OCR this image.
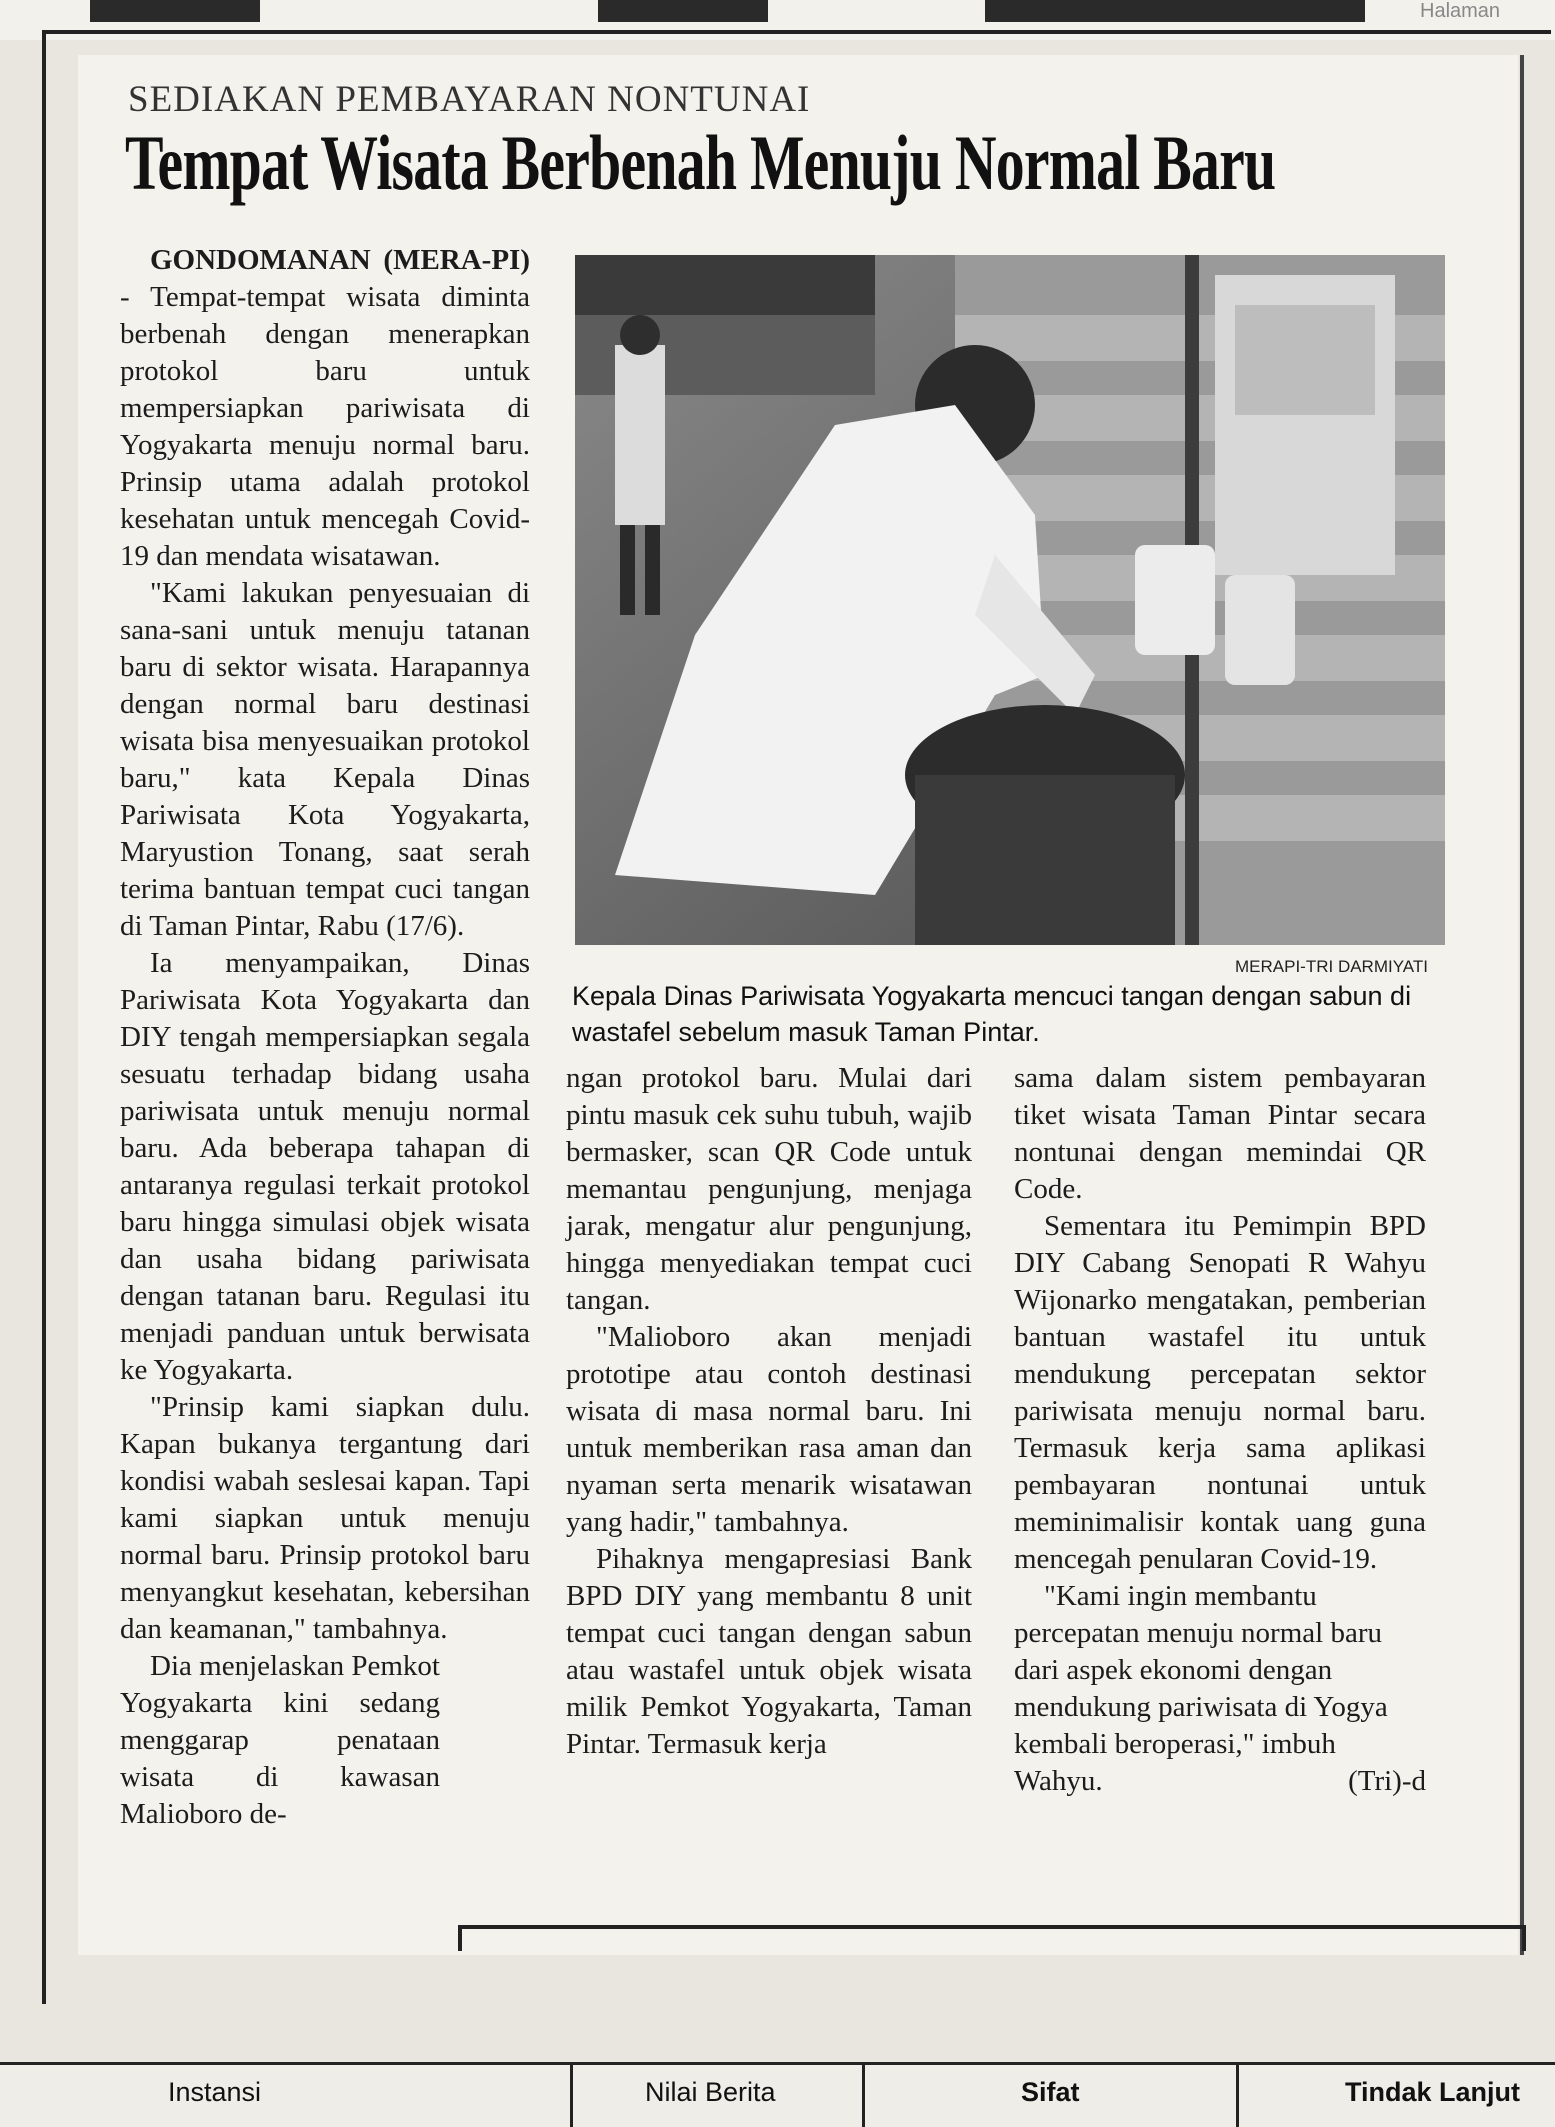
Halaman
SEDIAKAN PEMBAYARAN NONTUNAI
Tempat Wisata Berbenah Menuju Normal Baru

GONDOMANAN (MERA-PI) - Tempat-tempat wisata diminta berbenah dengan menerapkan protokol baru untuk mempersiapkan pariwisata di Yogyakarta menuju normal baru. Prinsip utama adalah protokol kesehatan untuk mencegah Covid-19 dan mendata wisatawan.

"Kami lakukan penyesuaian di sana-sani untuk menuju tatanan baru di sektor wisata. Harapannya dengan normal baru destinasi wisata bisa menyesuaikan protokol baru," kata Kepala Dinas Pariwisata Kota Yogyakarta, Maryustion Tonang, saat serah terima bantuan tempat cuci tangan di Taman Pintar, Rabu (17/6).

Ia menyampaikan, Dinas Pariwisata Kota Yogyakarta dan DIY tengah mempersiapkan segala sesuatu terhadap bidang usaha pariwisata untuk menuju normal baru. Ada beberapa tahapan di antaranya regulasi terkait protokol baru hingga simulasi objek wisata dan usaha bidang pariwisata dengan tatanan baru. Regulasi itu menjadi panduan untuk berwisata ke Yogyakarta.

"Prinsip kami siapkan dulu. Kapan bukanya tergantung dari kondisi wabah seslesai kapan. Tapi kami siapkan untuk menuju normal baru. Prinsip protokol baru menyangkut kesehatan, kebersihan dan keamanan," tambahnya.

Dia menjelaskan Pemkot Yogyakarta kini sedang menggarap penataan wisata di kawasan Malioboro de-

MERAPI-TRI DARMIYATI
Kepala Dinas Pariwisata Yogyakarta mencuci tangan dengan sabun di wastafel sebelum masuk Taman Pintar.

ngan protokol baru. Mulai dari pintu masuk cek suhu tubuh, wajib bermasker, scan QR Code untuk memantau pengunjung, menjaga jarak, mengatur alur pengunjung, hingga menyediakan tempat cuci tangan.

"Malioboro akan menjadi prototipe atau contoh destinasi wisata di masa normal baru. Ini untuk memberikan rasa aman dan nyaman serta menarik wisatawan yang hadir," tambahnya.

Pihaknya mengapresiasi Bank BPD DIY yang membantu 8 unit tempat cuci tangan dengan sabun atau wastafel untuk objek wisata milik Pemkot Yogyakarta, Taman Pintar. Termasuk kerja

sama dalam sistem pembayaran tiket wisata Taman Pintar secara nontunai dengan memindai QR Code.

Sementara itu Pemimpin BPD DIY Cabang Senopati R Wahyu Wijonarko mengatakan, pemberian bantuan wastafel itu untuk mendukung percepatan sektor pariwisata menuju normal baru. Termasuk kerja sama aplikasi pembayaran nontunai untuk meminimalisir kontak uang guna mencegah penularan Covid-19.

"Kami ingin membantu percepatan menuju normal baru dari aspek ekonomi dengan mendukung pariwisata di Yogya kembali beroperasi," imbuh Wahyu.	(Tri)-d

Instansi	Nilai Berita	Sifat	Tindak Lanjut
